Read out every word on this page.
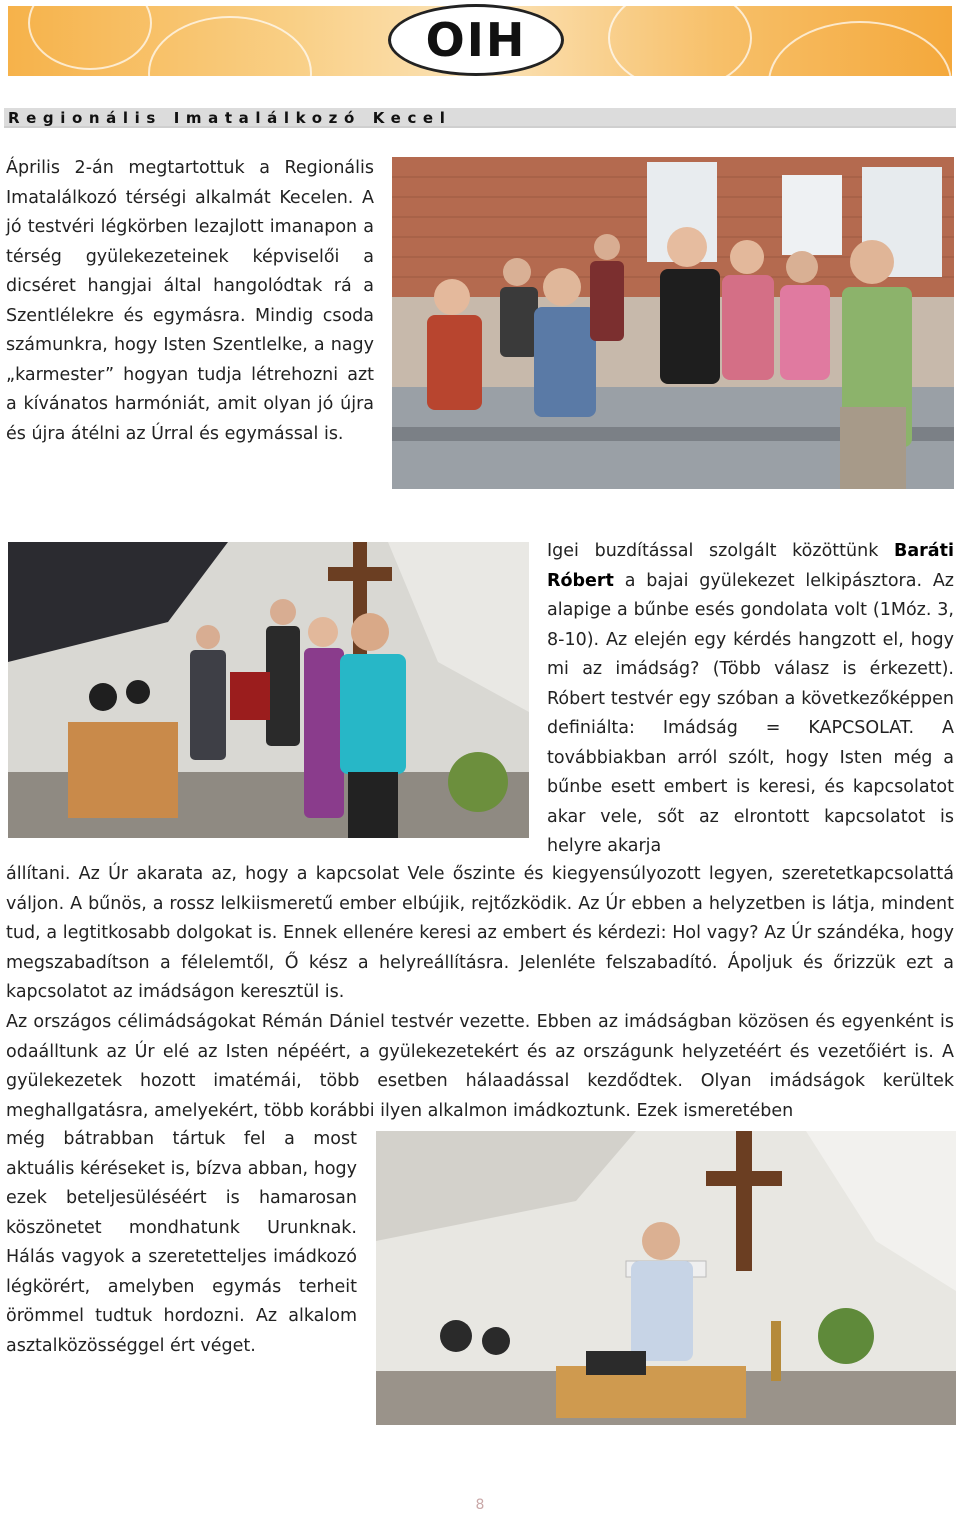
OIH
Regionális Imatalálkozó Kecel

Április 2-án megtartottuk a Regionális Imatalálkozó térségi alkalmát Kecelen. A jó testvéri légkörben lezajlott imanapon a térség gyülekezeteinek képviselői a dicséret hangjai által hangolódtak rá a Szentlélekre és egymásra. Mindig csoda számunkra, hogy Isten Szentlelke, a nagy „karmester” hogyan tudja létrehozni azt a kívánatos harmóniát, amit olyan jó újra és újra átélni az Úrral és egymással is.

Igei buzdítással szolgált közöttünk Baráti Róbert a bajai gyülekezet lelkipásztora. Az alapige a bűnbe esés gondolata volt (1Móz. 3, 8-10). Az elején egy kérdés hangzott el, hogy mi az imádság? (Több válasz is érkezett). Róbert testvér egy szóban a következőképpen definiálta: Imádság = KAPCSOLAT. A továbbiakban arról szólt, hogy Isten még a bűnbe esett embert is keresi, és kapcsolatot akar vele, sőt az elrontott kapcsolatot is helyre akarja

állítani. Az Úr akarata az, hogy a kapcsolat Vele őszinte és kiegyensúlyozott legyen, szeretetkapcsolattá váljon. A bűnös, a rossz lelkiismeretű ember elbújik, rejtőzködik. Az Úr ebben a helyzetben is látja, mindent tud, a legtitkosabb dolgokat is. Ennek ellenére keresi az embert és kérdezi: Hol vagy? Az Úr szándéka, hogy megszabadítson a félelemtől, Ő kész a helyreállításra. Jelenléte felszabadító. Ápoljuk és őrizzük ezt a kapcsolatot az imádságon keresztül is.

Az országos célimádságokat Rémán Dániel testvér vezette. Ebben az imádságban közösen és egyenként is odaálltunk az Úr elé az Isten népéért, a gyülekezetekért és az országunk helyzetéért és vezetőiért is. A gyülekezetek hozott imatémái, több esetben hálaadással kezdődtek. Olyan imádságok kerültek meghallgatásra, amelyekért, több korábbi ilyen alkalmon imádkoztunk. Ezek ismeretében

még bátrabban tártuk fel a most aktuális kéréseket is, bízva abban, hogy ezek beteljesüléséért is hamarosan köszönetet mondhatunk Urunknak. Hálás vagyok a szeretetteljes imádkozó légkörért, amelyben egymás terheit örömmel tudtuk hordozni. Az alkalom asztalközösséggel ért véget.

8
